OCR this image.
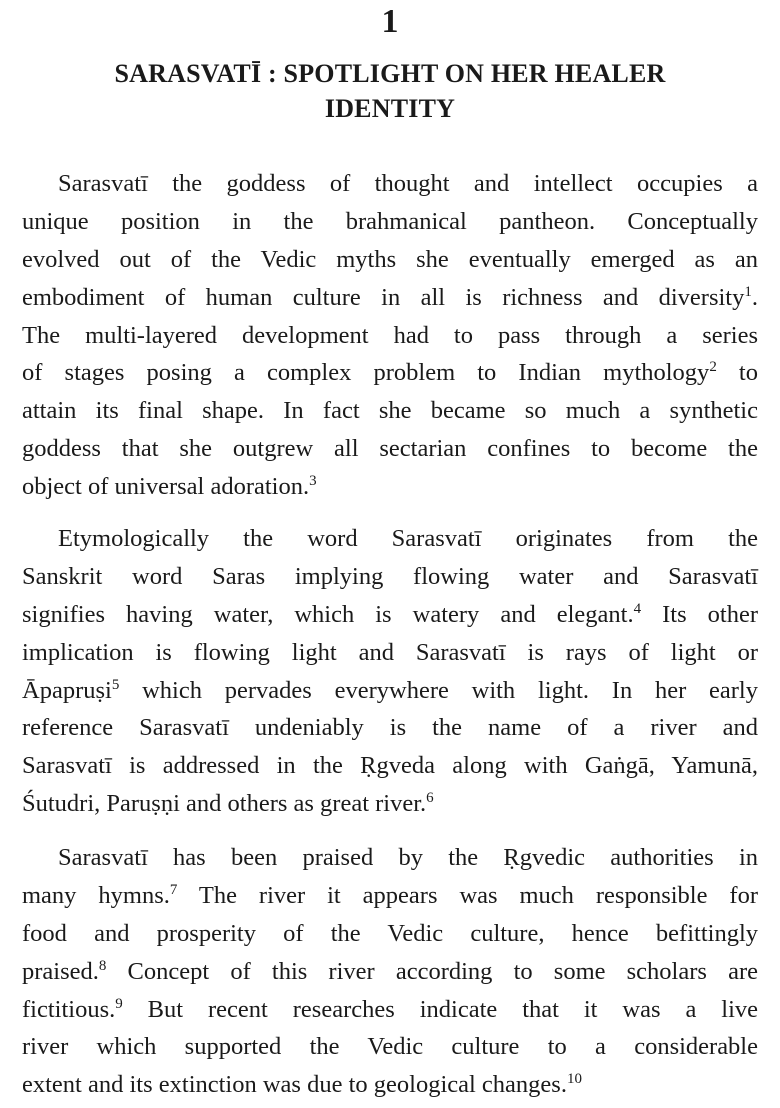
1
SARASVATĪ : SPOTLIGHT ON HER HEALER
IDENTITY

Sarasvatī the goddess of thought and intellect occupies a
unique position in the brahmanical pantheon. Conceptually
evolved out of the Vedic myths she eventually emerged as an
embodiment of human culture in all is richness and diversity$^1$.
The multi-layered development had to pass through a series
of stages posing a complex problem to Indian mythology$^2$ to
attain its final shape. In fact she became so much a synthetic
goddess that she outgrew all sectarian confines to become the
object of universal adoration.$^3$

Etymologically the word Sarasvatī originates from the
Sanskrit word Saras implying flowing water and Sarasvatī
signifies having water, which is watery and elegant.$^4$ Its other
implication is flowing light and Sarasvatī is rays of light or
Āpapruṣi$^5$ which pervades everywhere with light. In her early
reference Sarasvatī undeniably is the name of a river and
Sarasvatī is addressed in the Ṛgveda along with Gaṅgā, Yamunā,
Śutudri, Paruṣṇi and others as great river.$^6$

Sarasvatī has been praised by the Ṛgvedic authorities in
many hymns.$^7$ The river it appears was much responsible for
food and prosperity of the Vedic culture, hence befittingly
praised.$^8$ Concept of this river according to some scholars are
fictitious.$^9$ But recent researches indicate that it was a live
river which supported the Vedic culture to a considerable
extent and its extinction was due to geological changes.$^{10}$
